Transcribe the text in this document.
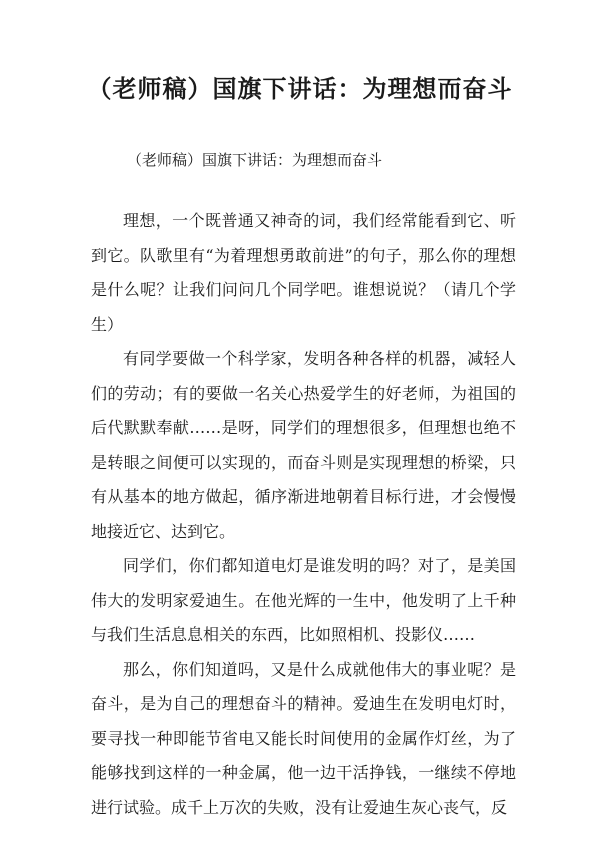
（老师稿）国旗下讲话：为理想而奋斗
（老师稿）国旗下讲话：为理想而奋斗

理想，一个既普通又神奇的词，我们经常能看到它、听到它。队歌里有“为着理想勇敢前进”的句子，那么你的理想是什么呢？让我们问问几个同学吧。谁想说说？（请几个学生）

有同学要做一个科学家，发明各种各样的机器，减轻人们的劳动；有的要做一名关心热爱学生的好老师，为祖国的后代默默奉献……是呀，同学们的理想很多，但理想也绝不是转眼之间便可以实现的，而奋斗则是实现理想的桥梁，只有从基本的地方做起，循序渐进地朝着目标行进，才会慢慢地接近它、达到它。

同学们，你们都知道电灯是谁发明的吗？对了，是美国伟大的发明家爱迪生。在他光辉的一生中，他发明了上千种与我们生活息息相关的东西，比如照相机、投影仪……

那么，你们知道吗，又是什么成就他伟大的事业呢？是奋斗，是为自己的理想奋斗的精神。爱迪生在发明电灯时，要寻找一种即能节省电又能长时间使用的金属作灯丝，为了能够找到这样的一种金属，他一边干活挣钱，一继续不停地进行试验。成千上万次的失败，没有让爱迪生灰心丧气，反
